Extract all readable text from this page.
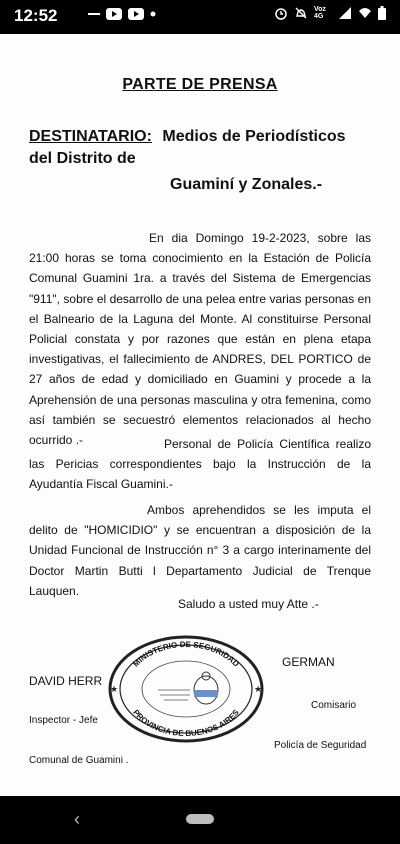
12:52	Voz 4G
PARTE DE PRENSA
DESTINATARIO: Medios de Periodísticos
del Distrito de
Guaminí y Zonales.-

En dia Domingo 19-2-2023, sobre las 21:00 horas se toma conocimiento en la Estación de Policía Comunal Guamini 1ra. a través del Sistema de Emergencias "911", sobre el desarrollo de una pelea entre varias personas en el Balneario de la Laguna del Monte. Al constituirse Personal Policial constata y por razones que están en plena etapa investigativas, el fallecimiento de ANDRES, DEL PORTICO de 27 años de edad y domiciliado en Guamini y procede a la Aprehensión de una personas masculina y otra femenina, como así también se secuestró elementos relacionados al hecho ocurrido .-	Personal de Policía Científica realizo las Pericias correspondientes bajo la Instrucción de la Ayudantía Fiscal Guamini.-

Ambos aprehendidos se les imputa el delito de "HOMICIDIO" y se encuentran a disposición de la Unidad Funcional de Instrucción n° 3 a cargo interinamente del Doctor Martin Butti l Departamento Judicial de Trenque Lauquen.

Saludo a usted muy Atte .-
MINISTERIO DE SEGURIDAD
PROVINCIA DE BUENOS AIRES
★	★
DAVID HERR
Inspector - Jefe
Comunal de Guamini .
GERMAN
Comisario
Policía de Seguridad
‹
